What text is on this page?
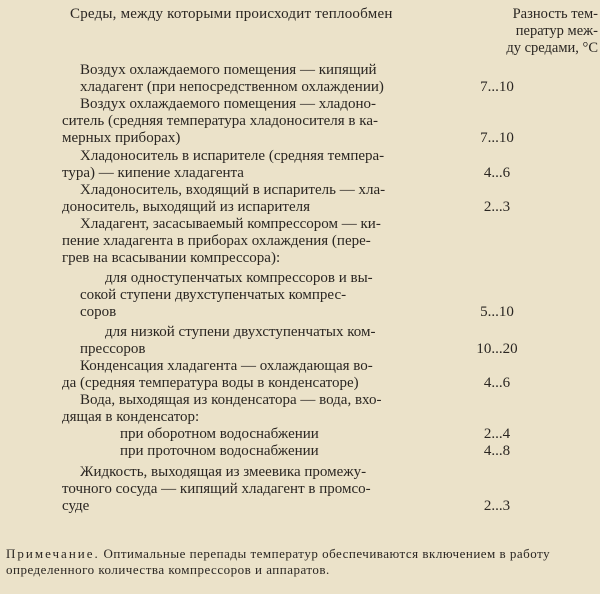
Среды, между которыми происходит теплообмен	Разность тем-
ператур меж-
ду средами, °С
Воздух охлаждаемого помещения — кипящий
хладагент (при непосредственном охлаждении)	7...10
Воздух охлаждаемого помещения — хладоно-
ситель (средняя температура хладоносителя в ка-
мерных приборах)	7...10
Хладоноситель в испарителе (средняя темпера-
тура) — кипение хладагента	4...6
Хладоноситель, входящий в испаритель — хла-
доноситель, выходящий из испарителя	2...3
Хладагент, засасываемый компрессором — ки-
пение хладагента в приборах охлаждения (пере-
грев на всасывании компрессора):
для одноступенчатых компрессоров и вы-
сокой ступени двухступенчатых компрес-
соров	5...10
для низкой ступени двухступенчатых ком-
прессоров	10...20
Конденсация хладагента — охлаждающая во-
да (средняя температура воды в конденсаторе)	4...6
Вода, выходящая из конденсатора — вода, вхо-
дящая в конденсатор:
при оборотном водоснабжении	2...4
при проточном водоснабжении	4...8
Жидкость, выходящая из змеевика промежу-
точного сосуда — кипящий хладагент в промсо-
суде	2...3
Примечание. Оптимальные перепады температур обеспечиваются включением в работу определенного количества компрессоров и аппаратов.
